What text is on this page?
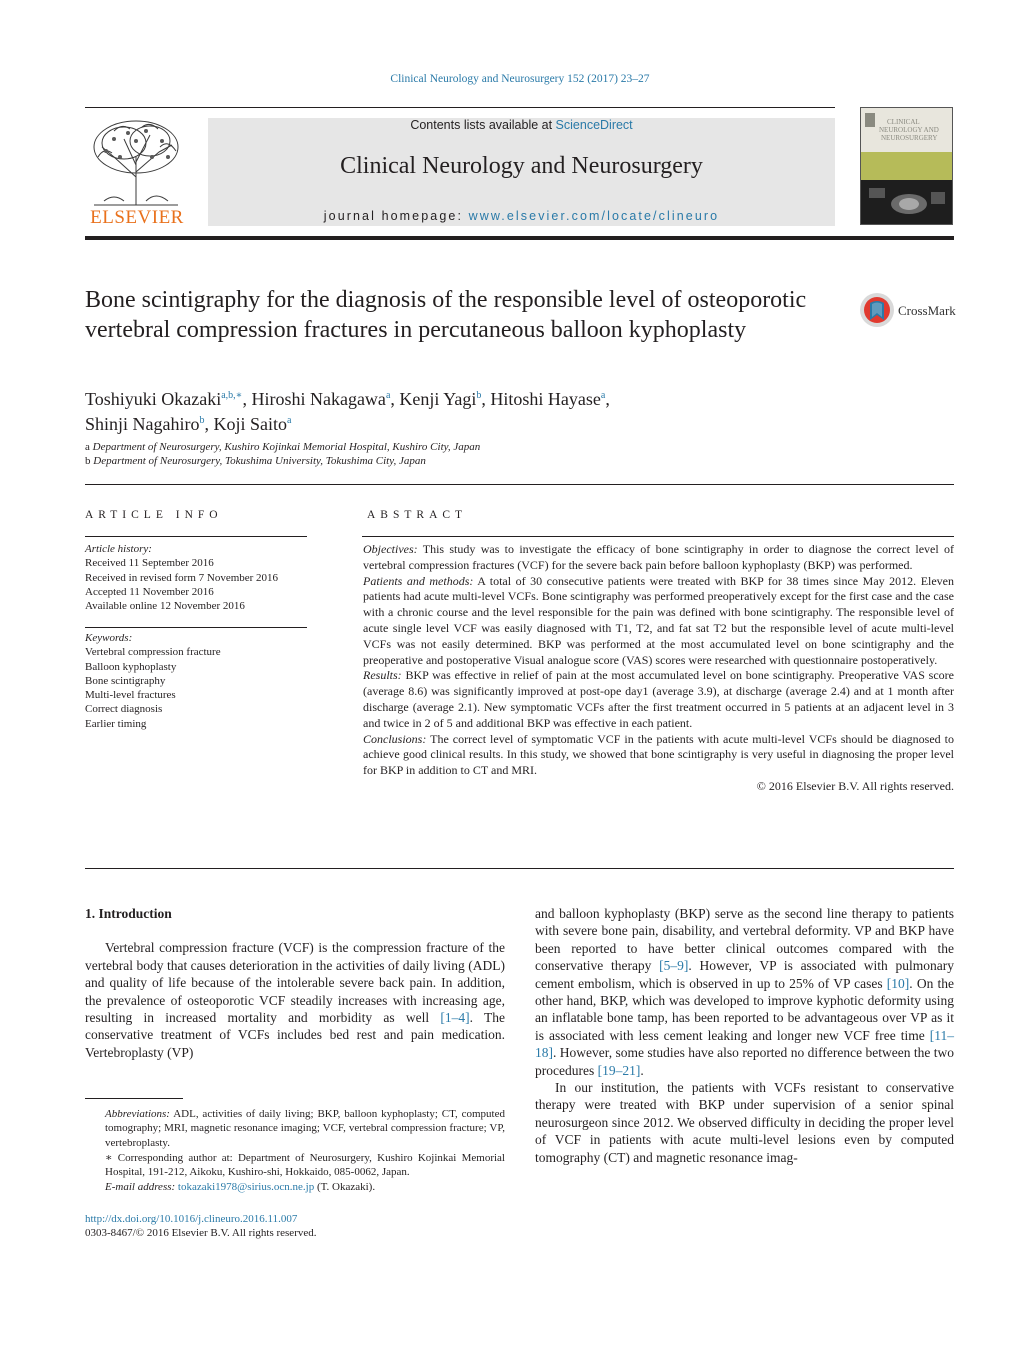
Clinical Neurology and Neurosurgery 152 (2017) 23–27
ELSEVIER
Contents lists available at ScienceDirect
Clinical Neurology and Neurosurgery
journal homepage: www.elsevier.com/locate/clineuro
CLINICAL
NEUROLOGY AND
NEUROSURGERY
Bone scintigraphy for the diagnosis of the responsible level of osteoporotic vertebral compression fractures in percutaneous balloon kyphoplasty
CrossMark
Toshiyuki Okazaki$^{a,b,∗}$, Hiroshi Nakagawa$^a$, Kenji Yagi$^b$, Hitoshi Hayase$^a$,
Shinji Nagahiro$^b$, Koji Saito$^a$
a Department of Neurosurgery, Kushiro Kojinkai Memorial Hospital, Kushiro City, Japan
b Department of Neurosurgery, Tokushima University, Tokushima City, Japan
ARTICLE INFO	ABSTRACT
Article history:
Received 11 September 2016
Received in revised form 7 November 2016
Accepted 11 November 2016
Available online 12 November 2016
Keywords:
Vertebral compression fracture
Balloon kyphoplasty
Bone scintigraphy
Multi-level fractures
Correct diagnosis
Earlier timing

Objectives: This study was to investigate the efficacy of bone scintigraphy in order to diagnose the correct level of vertebral compression fractures (VCF) for the severe back pain before balloon kyphoplasty (BKP) was performed.

Patients and methods: A total of 30 consecutive patients were treated with BKP for 38 times since May 2012. Eleven patients had acute multi-level VCFs. Bone scintigraphy was performed preoperatively except for the first case and the case with a chronic course and the level responsible for the pain was defined with bone scintigraphy. The responsible level of acute single level VCF was easily diagnosed with T1, T2, and fat sat T2 but the responsible level of acute multi-level VCFs was not easily determined. BKP was performed at the most accumulated level on bone scintigraphy and the preoperative and postoperative Visual analogue score (VAS) scores were researched with questionnaire postoperatively.

Results: BKP was effective in relief of pain at the most accumulated level on bone scintigraphy. Preoperative VAS score (average 8.6) was significantly improved at post-ope day1 (average 3.9), at discharge (average 2.4) and at 1 month after discharge (average 2.1). New symptomatic VCFs after the first treatment occurred in 5 patients at an adjacent level in 3 and twice in 2 of 5 and additional BKP was effective in each patient.

Conclusions: The correct level of symptomatic VCF in the patients with acute multi-level VCFs should be diagnosed to achieve good clinical results. In this study, we showed that bone scintigraphy is very useful in diagnosing the proper level for BKP in addition to CT and MRI.

© 2016 Elsevier B.V. All rights reserved.

1. Introduction

Vertebral compression fracture (VCF) is the compression fracture of the vertebral body that causes deterioration in the activities of daily living (ADL) and quality of life because of the intolerable severe back pain. In addition, the prevalence of osteoporotic VCF steadily increases with increasing age, resulting in increased mortality and morbidity as well [1–4]. The conservative treatment of VCFs includes bed rest and pain medication. Vertebroplasty (VP)

Abbreviations: ADL, activities of daily living; BKP, balloon kyphoplasty; CT, computed tomography; MRI, magnetic resonance imaging; VCF, vertebral compression fracture; VP, vertebroplasty.

∗ Corresponding author at: Department of Neurosurgery, Kushiro Kojinkai Memorial Hospital, 191-212, Aikoku, Kushiro-shi, Hokkaido, 085-0062, Japan.

E-mail address: tokazaki1978@sirius.ocn.ne.jp (T. Okazaki).

http://dx.doi.org/10.1016/j.clineuro.2016.11.007
0303-8467/© 2016 Elsevier B.V. All rights reserved.

and balloon kyphoplasty (BKP) serve as the second line therapy to patients with severe bone pain, disability, and vertebral deformity. VP and BKP have been reported to have better clinical outcomes compared with the conservative therapy [5–9]. However, VP is associated with pulmonary cement embolism, which is observed in up to 25% of VP cases [10]. On the other hand, BKP, which was developed to improve kyphotic deformity using an inflatable bone tamp, has been reported to be advantageous over VP as it is associated with less cement leaking and longer new VCF free time [11–18]. However, some studies have also reported no difference between the two procedures [19–21].

In our institution, the patients with VCFs resistant to conservative therapy were treated with BKP under supervision of a senior spinal neurosurgeon since 2012. We observed difficulty in deciding the proper level of VCF in patients with acute multi-level lesions even by computed tomography (CT) and magnetic resonance imag-
